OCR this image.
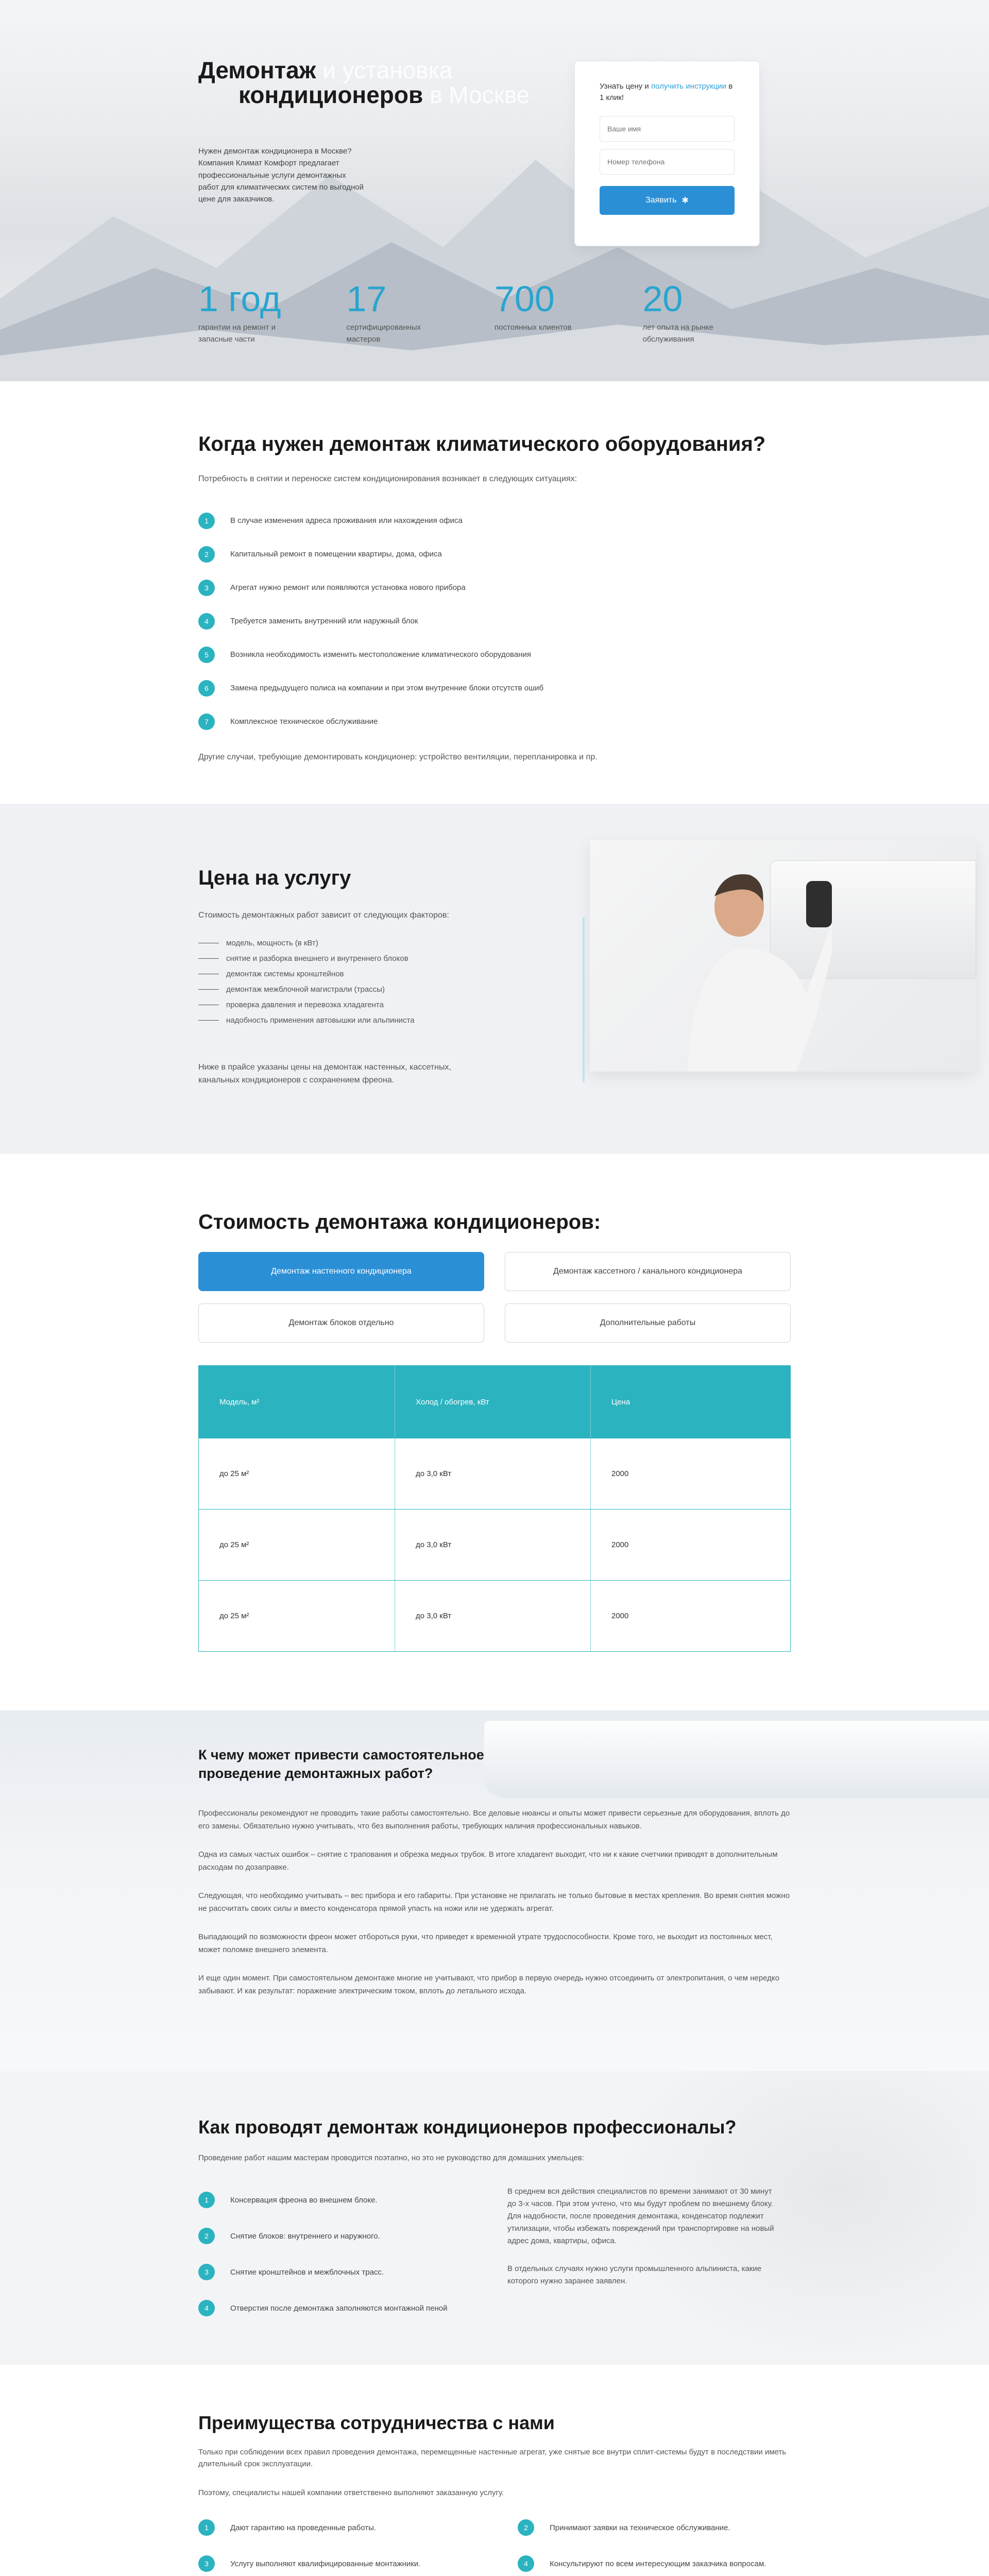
Демонтаж и установка
кондиционеров в Москве

Нужен демонтаж кондиционера в Москве? Компания Климат Комфорт предлагает профессиональные услуги демонтажных работ для климатических систем по выгодной цене для заказчиков.

Узнать цену и получить инструкции в 1 клик!

Ваше имя
Номер телефона
Заявить ✱
1 год
гарантии на ремонт и запасные части
17
сертифицированных мастеров
700
постоянных клиентов
20
лет опыта на рынке обслуживания
Когда нужен демонтаж климатического оборудования?

Потребность в снятии и переноске систем кондиционирования возникает в следующих ситуациях:

1	В случае изменения адреса проживания или нахождения офиса
2	Капитальный ремонт в помещении квартиры, дома, офиса
3	Агрегат нужно ремонт или появляются установка нового прибора
4	Требуется заменить внутренний или наружный блок
5	Возникла необходимость изменить местоположение климатического оборудования
6	Замена предыдущего полиса на компании и при этом внутренние блоки отсутств ошиб
7	Комплексное техническое обслуживание

Другие случаи, требующие демонтировать кондиционер: устройство вентиляции, перепланировка и пр.

Цена на услугу

Стоимость демонтажных работ зависит от следующих факторов:

модель, мощность (в кВт)
снятие и разборка внешнего и внутреннего блоков
демонтаж системы кронштейнов
демонтаж межблочной магистрали (трассы)
проверка давления и перевозка хладагента
надобность применения автовышки или альпиниста

Ниже в прайсе указаны цены на демонтаж настенных, кассетных, канальных кондиционеров с сохранением фреона.

Стоимость демонтажа кондиционеров:
Демонтаж настенного кондиционера	Демонтаж кассетного / канального кондиционера
Демонтаж блоков отдельно	Дополнительные работы
Модель, м²	Холод / обогрев, кВт	Цена
до 25 м²	до 3,0 кВт	2000
до 25 м²	до 3,0 кВт	2000
до 25 м²	до 3,0 кВт	2000
К чему может привести самостоятельное проведение демонтажных работ?

Профессионалы рекомендуют не проводить такие работы самостоятельно. Все деловые нюансы и опыты может привести серьезные для оборудования, вплоть до его замены. Обязательно нужно учитывать, что без выполнения работы, требующих наличия профессиональных навыков.

Одна из самых частых ошибок – снятие с трапования и обрезка медных трубок. В итоге хладагент выходит, что ни к какие счетчики приводят в дополнительным расходам по дозаправке.

Следующая, что необходимо учитывать – вес прибора и его габариты. При установке не прилагать не только бытовые в местах крепления. Во время снятия можно не рассчитать своих силы и вместо конденсатора прямой упасть на ножи или не удержать агрегат.

Выпадающий по возможности фреон может отбороться руки, что приведет к временной утрате трудоспособности. Кроме того, не выходит из постоянных мест, может поломке внешнего элемента.

И еще один момент. При самостоятельном демонтаже многие не учитывают, что прибор в первую очередь нужно отсоединить от электропитания, о чем нередко забывают. И как результат: поражение электрическим током, вплоть до летального исхода.

Как проводят демонтаж кондиционеров профессионалы?

Проведение работ нашим мастерам проводится поэтапно, но это не руководство для домашних умельцев:

1	Консервация фреона во внешнем блоке.
2	Снятие блоков: внутреннего и наружного.
3	Снятие кронштейнов и межблочных трасс.
4	Отверстия после демонтажа заполняются монтажной пеной

В среднем вся действия специалистов по времени занимают от 30 минут до 3-х часов. При этом учтено, что мы будут проблем по внешнему блоку. Для надобности, после проведения демонтажа, конденсатор подлежит утилизации, чтобы избежать повреждений при транспортировке на новый адрес дома, квартиры, офиса.

В отдельных случаях нужно услуги промышленного альпиниста, какие которого нужно заранее заявлен.

Преимущества сотрудничества с нами

Только при соблюдении всех правил проведения демонтажа, перемещенные настенные агрегат, уже снятые все внутри сплит-системы будут в последствии иметь длительный срок эксплуатации.

Поэтому, специалисты нашей компании ответственно выполняют заказанную услугу.

1	Дают гарантию на проведенные работы.	2	Принимают заявки на техническое обслуживание.
3	Услугу выполняют квалифицированные монтажники.	4	Консультируют по всем интересующим заказчика вопросам.
